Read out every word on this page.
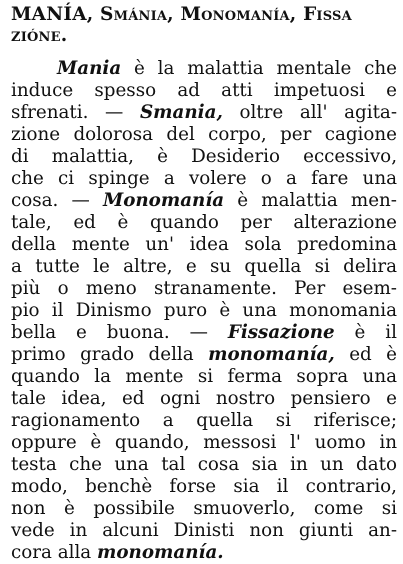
MANÍA, Smánia, Monomanía, Fissa
zióne.
Mania è la malattia mentale che
induce spesso ad atti impetuosi e
sfrenati. — Smania, oltre all' agita-
zione dolorosa del corpo, per cagione
di malattia, è Desiderio eccessivo,
che ci spinge a volere o a fare una
cosa. — Monomanía è malattia men-
tale, ed è quando per alterazione
della mente un' idea sola predomina
a tutte le altre, e su quella si delira
più o meno stranamente. Per esem-
pio il Dinismo puro è una monomania
bella e buona. — Fissazione è il
primo grado della monomanía, ed è
quando la mente si ferma sopra una
tale idea, ed ogni nostro pensiero e
ragionamento a quella si riferisce;
oppure è quando, messosi l' uomo in
testa che una tal cosa sia in un dato
modo, benchè forse sia il contrario,
non è possibile smuoverlo, come si
vede in alcuni Dinisti non giunti an-
cora alla monomanía.
